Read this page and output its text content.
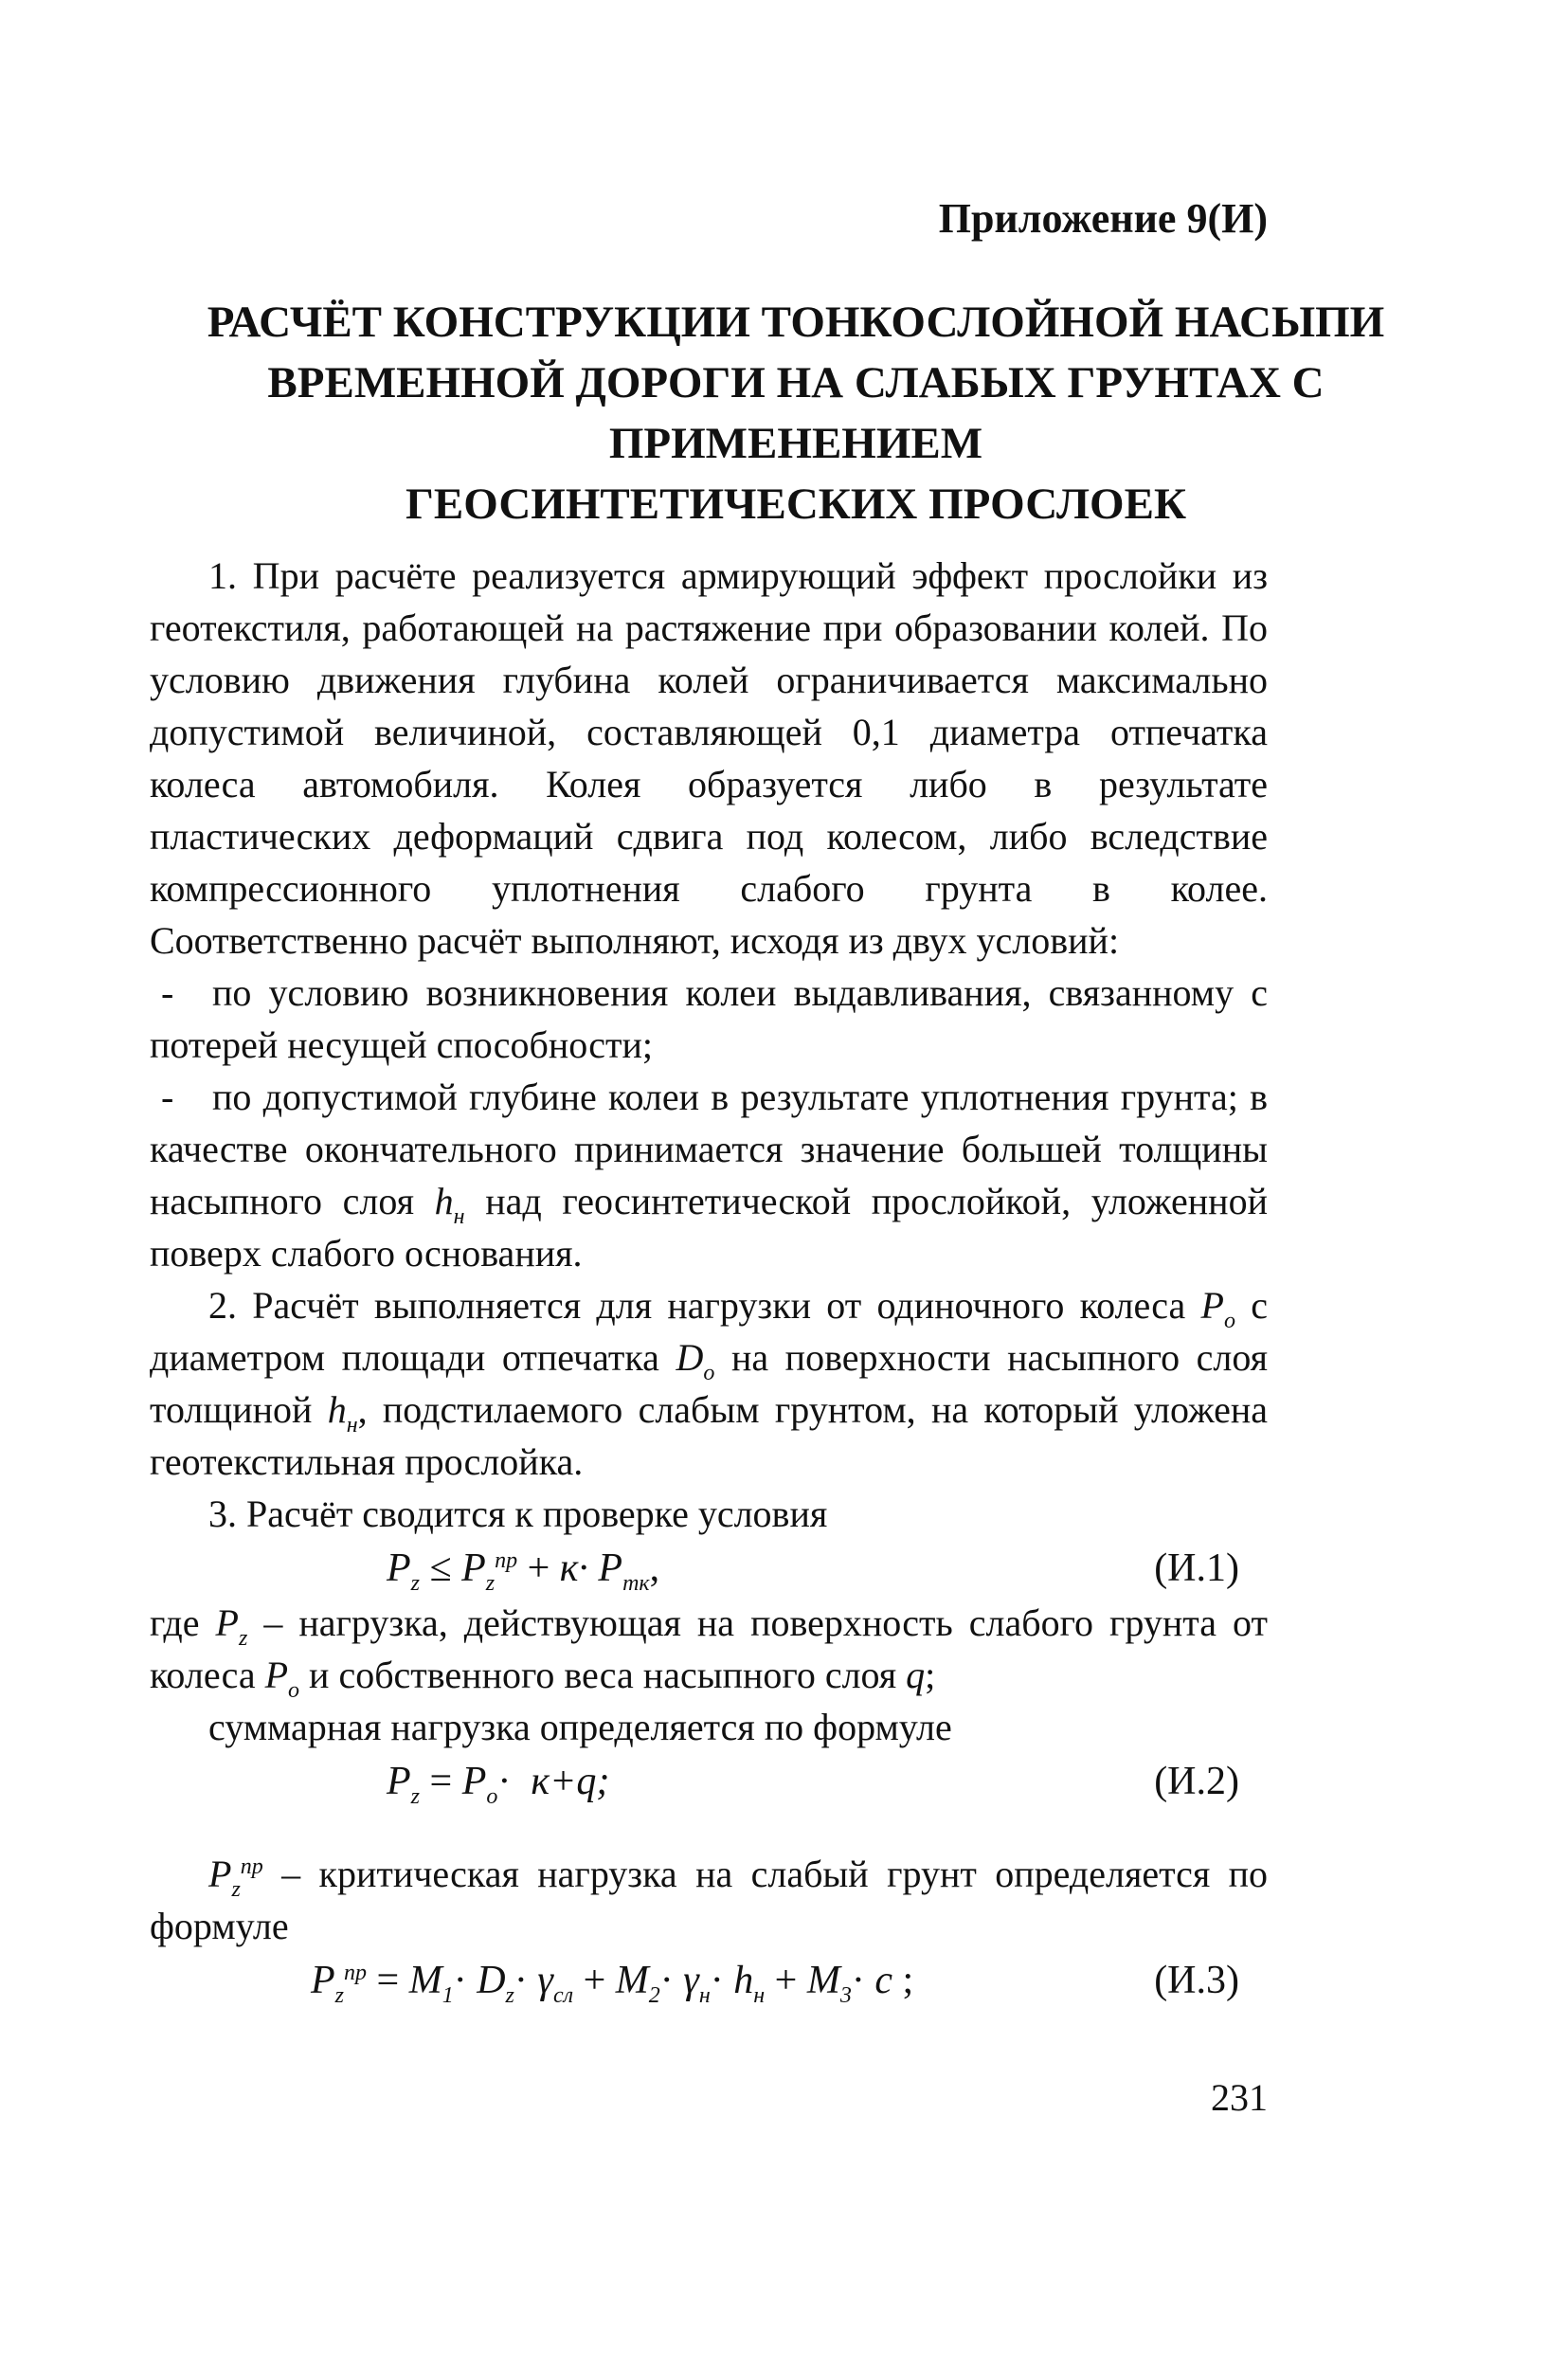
Приложение 9(И)
РАСЧЁТ КОНСТРУКЦИИ ТОНКОСЛОЙНОЙ НАСЫПИ
ВРЕМЕННОЙ ДОРОГИ НА СЛАБЫХ ГРУНТАХ С
ПРИМЕНЕНИЕМ
ГЕОСИНТЕТИЧЕСКИХ ПРОСЛОЕК

1. При расчёте реализуется армирующий эффект прослойки из геотекстиля, работающей на растяжение при образовании колей. По условию движения глубина колей ограничивается максимально допустимой величиной, составляющей 0,1 диаметра отпечатка колеса автомобиля. Колея образуется либо в результате пластических деформаций сдвига под колесом, либо вследствие компрессионного уплотнения слабого грунта в колее. Соответственно расчёт выполняют, исходя из двух условий:

- по условию возникновения колеи выдавливания, связанному с потерей несущей способности;

- по допустимой глубине колеи в результате уплотнения грунта; в качестве окончательного принимается значение большей толщины насыпного слоя $h_н$ над геосинтетической прослойкой, уложенной поверх слабого основания.

2. Расчёт выполняется для нагрузки от одиночного колеса $P_о$ с диаметром площади отпечатка $D_о$ на поверхности насыпного слоя толщиной $h_н$, подстилаемого слабым грунтом, на который уложена геотекстильная прослойка.

3. Расчёт сводится к проверке условия

$P_z \le P_z^{пр} + к\cdot P_{тк}$,	(И.1)

где $P_z$ – нагрузка, действующая на поверхность слабого грунта от колеса $P_о$ и собственного веса насыпного слоя q;

суммарная нагрузка определяется по формуле

$P_z = P_о\cdot к+q$;	(И.2)

$P_z^{пр}$ – критическая нагрузка на слабый грунт определяется по формуле

$P_z^{пр} = M_1\cdot D_z\cdot \gamma_{сл} + M_2\cdot \gamma_н\cdot h_н + M_3\cdot c$ ;	(И.3)
231
